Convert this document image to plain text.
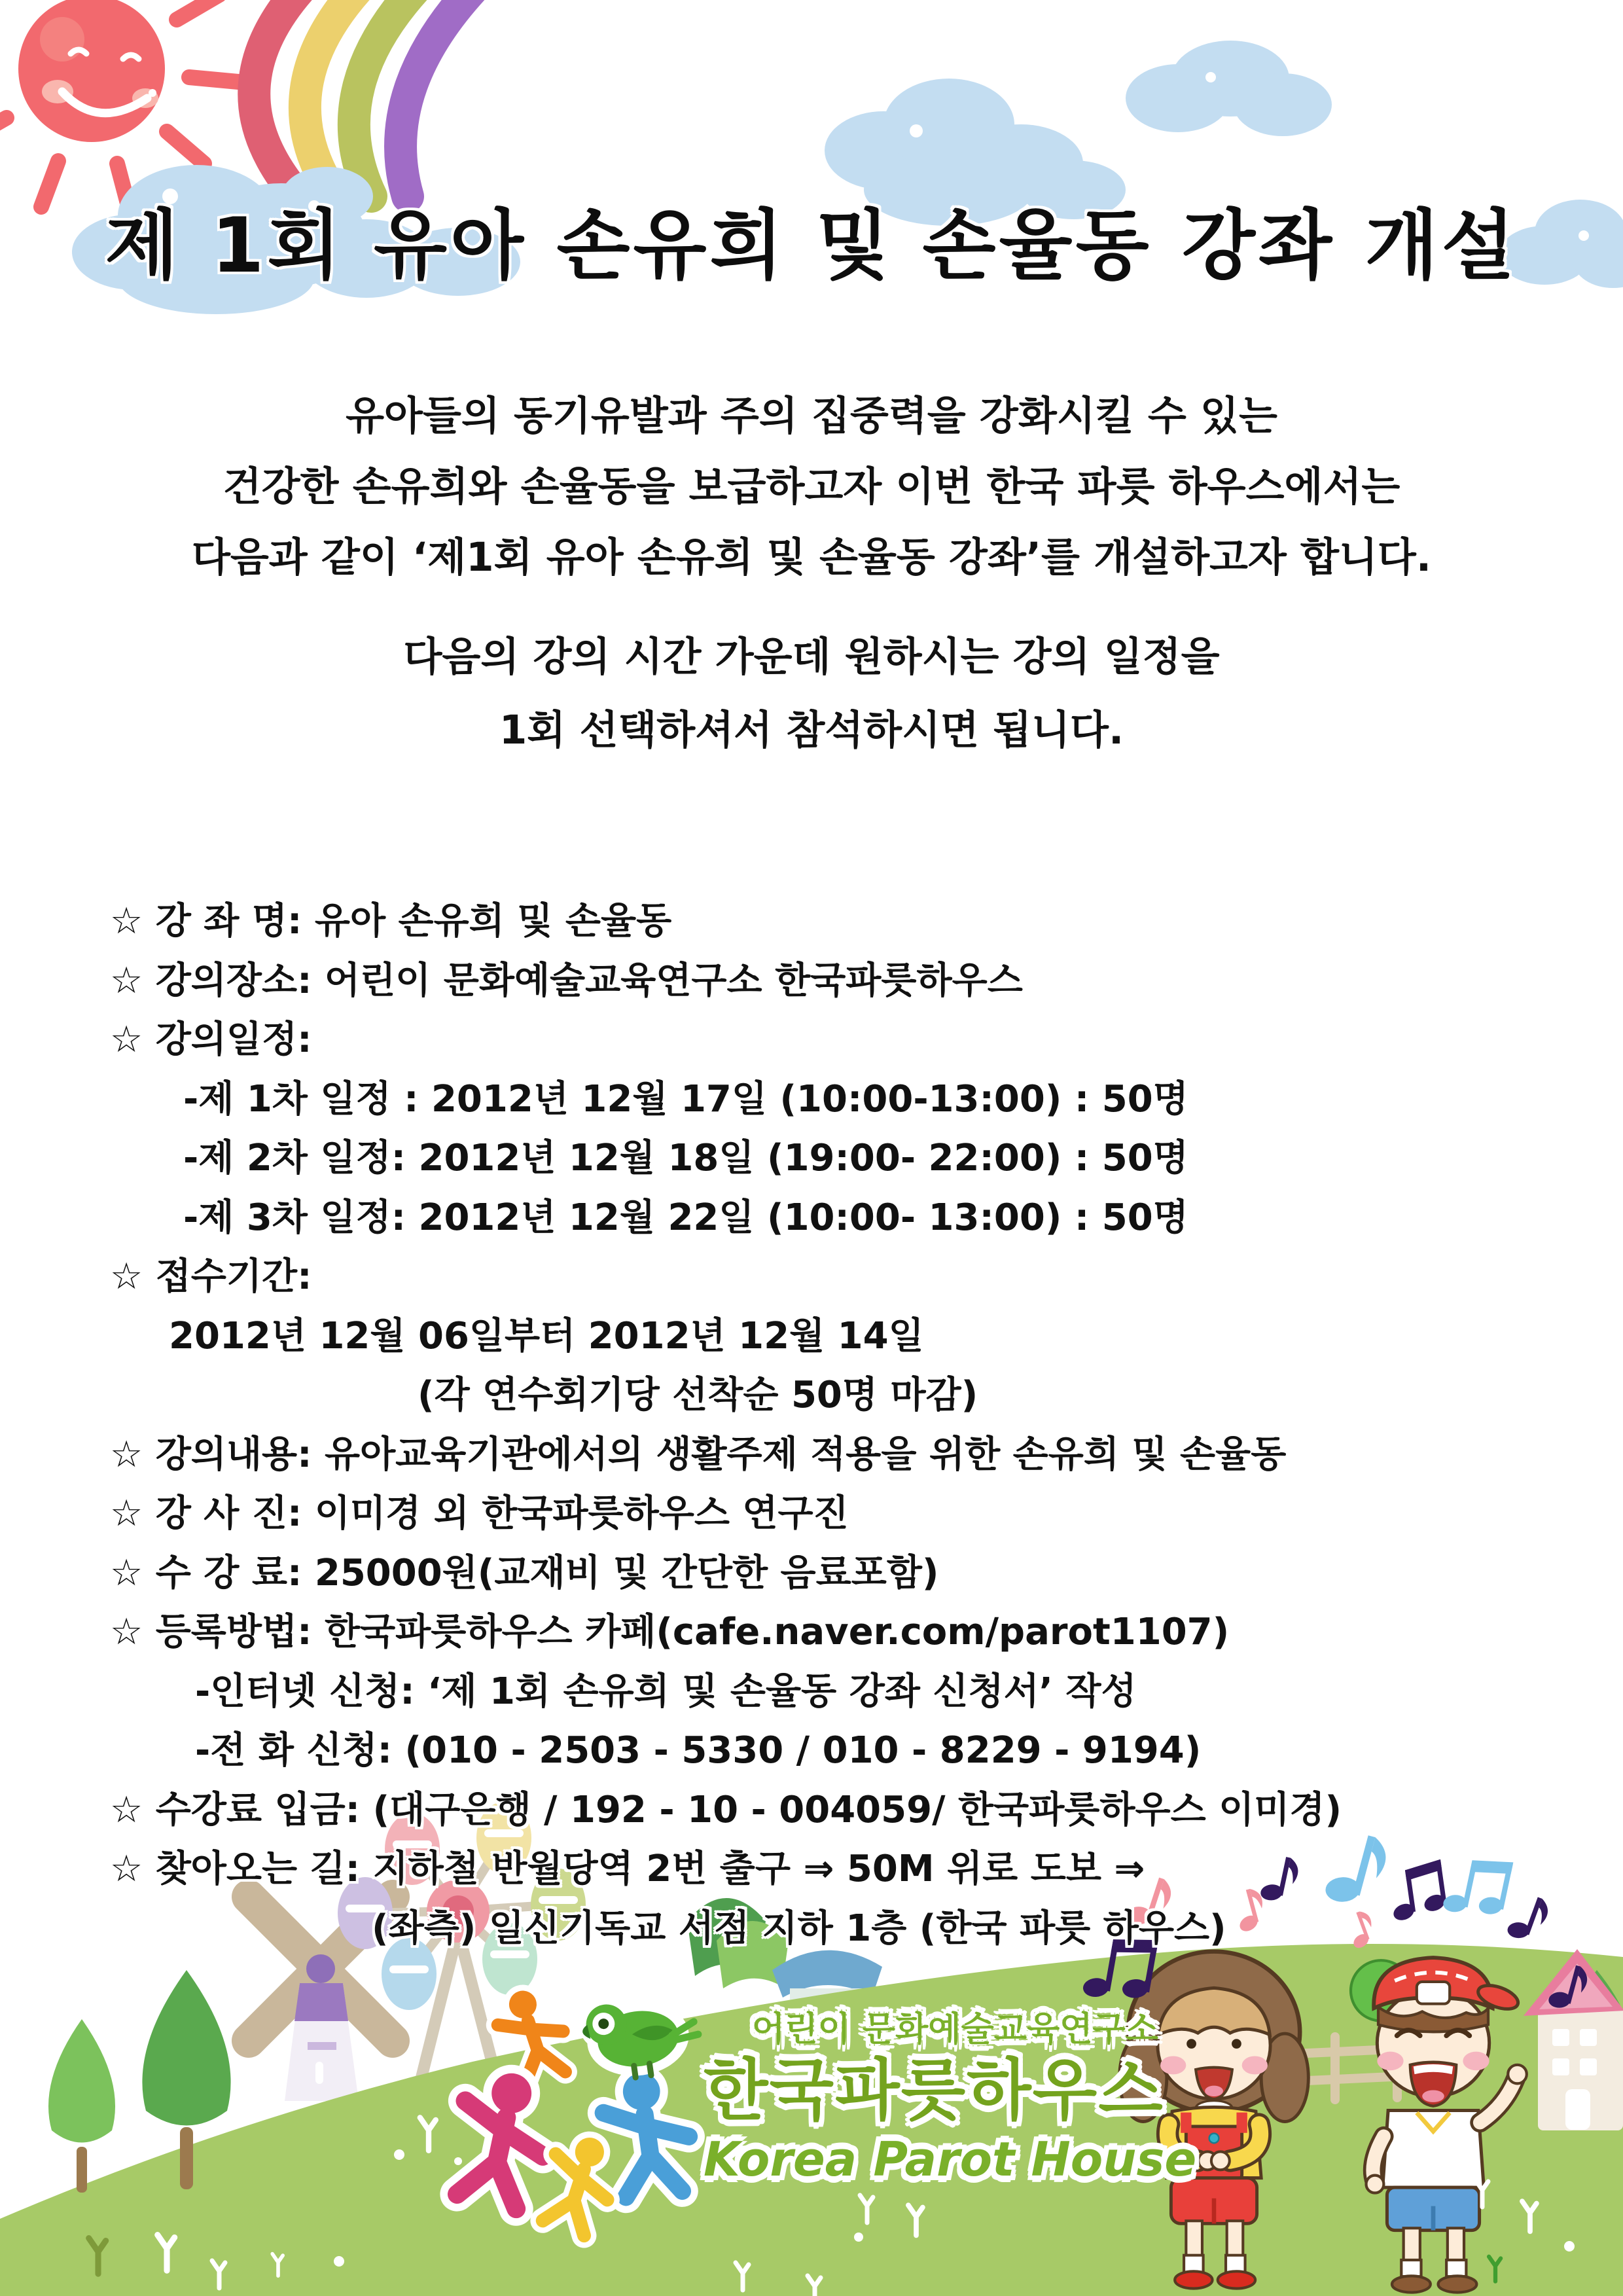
제 1회 유아 손유희 및 손율동 강좌 개설
유아들의 동기유발과 주의 집중력을 강화시킬 수 있는
건강한 손유희와 손율동을 보급하고자 이번 한국 파릇 하우스에서는
다음과 같이 ‘제1회 유아 손유희 및 손율동 강좌’를 개설하고자 합니다.
다음의 강의 시간 가운데 원하시는 강의 일정을
1회 선택하셔서 참석하시면 됩니다.
☆ 강 좌 명: 유아 손유희 및 손율동
☆ 강의장소: 어린이 문화예술교육연구소 한국파릇하우스
☆ 강의일정:
-제 1차 일정 : 2012년 12월 17일 (10:00-13:00) : 50명
-제 2차 일정: 2012년 12월 18일 (19:00- 22:00) : 50명
-제 3차 일정: 2012년 12월 22일 (10:00- 13:00) : 50명
☆ 접수기간:
2012년 12월 06일부터 2012년 12월 14일
(각 연수회기당 선착순 50명 마감)
☆ 강의내용: 유아교육기관에서의 생활주제 적용을 위한 손유희 및 손율동
☆ 강 사 진: 이미경 외 한국파릇하우스 연구진
☆ 수 강 료: 25000원(교재비 및 간단한 음료포함)
☆ 등록방법: 한국파릇하우스 카페(cafe.naver.com/parot1107)
-인터넷 신청: ‘제 1회 손유희 및 손율동 강좌 신청서’ 작성
-전 화 신청: (010 - 2503 - 5330 / 010 - 8229 - 9194)
☆ 수강료 입금: (대구은행 / 192 - 10 - 004059/ 한국파릇하우스 이미경)
☆ 찾아오는 길: 지하철 반월당역 2번 출구 ⇒ 50M 위로 도보 ⇒
(좌측) 일신기독교 서점 지하 1층 (한국 파릇 하우스)
어린이 문화예술교육연구소
한국파릇하우스
Korea Parot House
